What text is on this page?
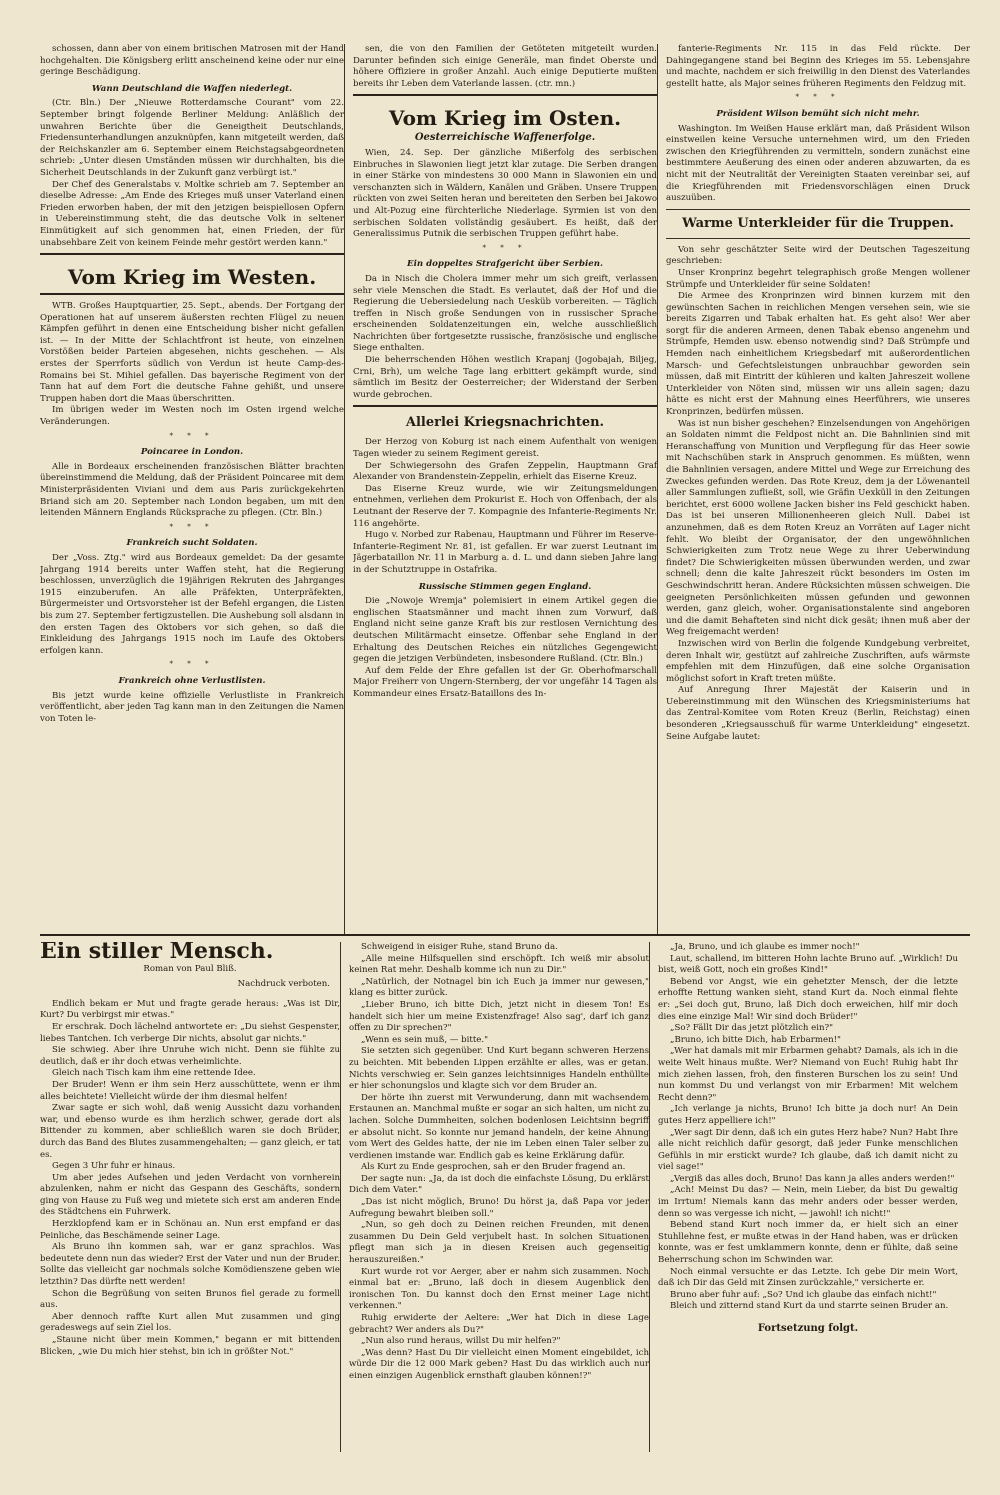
schossen, dann aber von einem britischen Matrosen mit der Hand hochgehalten. Die Königsberg erlitt anscheinend keine oder nur eine geringe Beschädigung.

Wann Deutschland die Waffen niederlegt.

(Ctr. Bln.) Der „Nieuwe Rotterdamsche Courant" vom 22. September bringt folgende Berliner Meldung: Anläßlich der unwahren Berichte über die Geneigtheit Deutschlands, Friedensunterhandlungen anzuknüpfen, kann mitgeteilt werden, daß der Reichskanzler am 6. September einem Reichstagsabgeordneten schrieb: „Unter diesen Umständen müssen wir durchhalten, bis die Sicherheit Deutschlands in der Zukunft ganz verbürgt ist."

Der Chef des Generalstabs v. Moltke schrieb am 7. September an dieselbe Adresse: „Am Ende des Krieges muß unser Vaterland einen Frieden erworben haben, der mit den jetzigen beispiellosen Opfern in Uebereinstimmung steht, die das deutsche Volk in seltener Einmütigkeit auf sich genommen hat, einen Frieden, der für unabsehbare Zeit von keinem Feinde mehr gestört werden kann."

Vom Krieg im Westen.

WTB. Großes Hauptquartier, 25. Sept., abends. Der Fortgang der Operationen hat auf unserem äußersten rechten Flügel zu neuen Kämpfen geführt in denen eine Entscheidung bisher nicht gefallen ist. — In der Mitte der Schlachtfront ist heute, von einzelnen Vorstößen beider Parteien abgesehen, nichts geschehen. — Als erstes der Sperrforts südlich von Verdun ist heute Camp-des-Romains bei St. Mihiel gefallen. Das bayerische Regiment von der Tann hat auf dem Fort die deutsche Fahne gehißt, und unsere Truppen haben dort die Maas überschritten.

Im übrigen weder im Westen noch im Osten irgend welche Veränderungen.

* * *
Poincaree in London.

Alle in Bordeaux erscheinenden französischen Blätter brachten übereinstimmend die Meldung, daß der Präsident Poincaree mit dem Ministerpräsidenten Viviani und dem aus Paris zurückgekehrten Briand sich am 20. September nach London begaben, um mit den leitenden Männern Englands Rücksprache zu pflegen. (Ctr. Bln.)

* * *
Frankreich sucht Soldaten.

Der „Voss. Ztg." wird aus Bordeaux gemeldet: Da der gesamte Jahrgang 1914 bereits unter Waffen steht, hat die Regierung beschlossen, unverzüglich die 19jährigen Rekruten des Jahrganges 1915 einzuberufen. An alle Präfekten, Unterpräfekten, Bürgermeister und Ortsvorsteher ist der Befehl ergangen, die Listen bis zum 27. September fertigzustellen. Die Aushebung soll alsdann in den ersten Tagen des Oktobers vor sich gehen, so daß die Einkleidung des Jahrgangs 1915 noch im Laufe des Oktobers erfolgen kann.

* * *
Frankreich ohne Verlustlisten.

Bis jetzt wurde keine offizielle Verlustliste in Frankreich veröffentlicht, aber jeden Tag kann man in den Zeitungen die Namen von Toten le-

sen, die von den Familien der Getöteten mitgeteilt wurden. Darunter befinden sich einige Generäle, man findet Oberste und höhere Offiziere in großer Anzahl. Auch einige Deputierte mußten bereits ihr Leben dem Vaterlande lassen. (ctr. mn.)

Vom Krieg im Osten.
Oesterreichische Waffenerfolge.

Wien, 24. Sep. Der gänzliche Mißerfolg des serbischen Einbruches in Slawonien liegt jetzt klar zutage. Die Serben drangen in einer Stärke von mindestens 30 000 Mann in Slawonien ein und verschanzten sich in Wäldern, Kanälen und Gräben. Unsere Truppen rückten von zwei Seiten heran und bereiteten den Serben bei Jakowo und Alt-Pozug eine fürchterliche Niederlage. Syrmien ist von den serbischen Soldaten vollständig gesäubert. Es heißt, daß der Generalissimus Putnik die serbischen Truppen geführt habe.

* * *
Ein doppeltes Strafgericht über Serbien.

Da in Nisch die Cholera immer mehr um sich greift, verlassen sehr viele Menschen die Stadt. Es verlautet, daß der Hof und die Regierung die Uebersiedelung nach Uesküb vorbereiten. — Täglich treffen in Nisch große Sendungen von in russischer Sprache erscheinenden Soldatenzeitungen ein, welche ausschließlich Nachrichten über fortgesetzte russische, französische und englische Siege enthalten.

Die beherrschenden Höhen westlich Krapanj (Jogobajah, Biljeg, Crni, Brh), um welche Tage lang erbittert gekämpft wurde, sind sämtlich im Besitz der Oesterreicher; der Widerstand der Serben wurde gebrochen.

Allerlei Kriegsnachrichten.

Der Herzog von Koburg ist nach einem Aufenthalt von wenigen Tagen wieder zu seinem Regiment gereist.

Der Schwiegersohn des Grafen Zeppelin, Hauptmann Graf Alexander von Brandenstein-Zeppelin, erhielt das Eiserne Kreuz.

Das Eiserne Kreuz wurde, wie wir Zeitungsmeldungen entnehmen, verliehen dem Prokurist E. Hoch von Offenbach, der als Leutnant der Reserve der 7. Kompagnie des Infanterie-Regiments Nr. 116 angehörte.

Hugo v. Norbed zur Rabenau, Hauptmann und Führer im Reserve-Infanterie-Regiment Nr. 81, ist gefallen. Er war zuerst Leutnant im Jägerbataillon Nr. 11 in Marburg a. d. L. und dann sieben Jahre lang in der Schutztruppe in Ostafrika.

Russische Stimmen gegen England.

Die „Nowoje Wremja" polemisiert in einem Artikel gegen die englischen Staatsmänner und macht ihnen zum Vorwurf, daß England nicht seine ganze Kraft bis zur restlosen Vernichtung des deutschen Militärmacht einsetze. Offenbar sehe England in der Erhaltung des Deutschen Reiches ein nützliches Gegengewicht gegen die jetzigen Verbündeten, insbesondere Rußland. (Ctr. Bln.)

Auf dem Felde der Ehre gefallen ist der Gr. Oberhofmarschall Major Freiherr von Ungern-Sternberg, der vor ungefähr 14 Tagen als Kommandeur eines Ersatz-Bataillons des In-

fanterie-Regiments Nr. 115 in das Feld rückte. Der Dahingegangene stand bei Beginn des Krieges im 55. Lebensjahre und machte, nachdem er sich freiwillig in den Dienst des Vaterlandes gestellt hatte, als Major seines früheren Regiments den Feldzug mit.

* * *
Präsident Wilson bemüht sich nicht mehr.

Washington. Im Weißen Hause erklärt man, daß Präsident Wilson einstweilen keine Versuche unternehmen wird, um den Frieden zwischen den Kriegführenden zu vermitteln, sondern zunächst eine bestimmtere Aeußerung des einen oder anderen abzuwarten, da es nicht mit der Neutralität der Vereinigten Staaten vereinbar sei, auf die Kriegführenden mit Friedensvorschlägen einen Druck auszuüben.

Warme Unterkleider für die Truppen.

Von sehr geschätzter Seite wird der Deutschen Tageszeitung geschrieben:

Unser Kronprinz begehrt telegraphisch große Mengen wollener Strümpfe und Unterkleider für seine Soldaten!

Die Armee des Kronprinzen wird binnen kurzem mit den gewünschten Sachen in reichlichen Mengen versehen sein, wie sie bereits Zigarren und Tabak erhalten hat. Es geht also! Wer aber sorgt für die anderen Armeen, denen Tabak ebenso angenehm und Strümpfe, Hemden usw. ebenso notwendig sind? Daß Strümpfe und Hemden nach einheitlichem Kriegsbedarf mit außerordentlichen Marsch- und Gefechtsleistungen unbrauchbar geworden sein müssen, daß mit Eintritt der kühleren und kalten Jahreszeit wollene Unterkleider von Nöten sind, müssen wir uns allein sagen; dazu hätte es nicht erst der Mahnung eines Heerführers, wie unseres Kronprinzen, bedürfen müssen.

Was ist nun bisher geschehen? Einzelsendungen von Angehörigen an Soldaten nimmt die Feldpost nicht an. Die Bahnlinien sind mit Heranschaffung von Munition und Verpflegung für das Heer sowie mit Nachschüben stark in Anspruch genommen. Es müßten, wenn die Bahnlinien versagen, andere Mittel und Wege zur Erreichung des Zweckes gefunden werden. Das Rote Kreuz, dem ja der Löwenanteil aller Sammlungen zufließt, soll, wie Gräfin Uexküll in den Zeitungen berichtet, erst 6000 wollene Jacken bisher ins Feld geschickt haben. Das ist bei unseren Millionenheeren gleich Null. Dabei ist anzunehmen, daß es dem Roten Kreuz an Vorräten auf Lager nicht fehlt. Wo bleibt der Organisator, der den ungewöhnlichen Schwierigkeiten zum Trotz neue Wege zu ihrer Ueberwindung findet? Die Schwierigkeiten müssen überwunden werden, und zwar schnell; denn die kalte Jahreszeit rückt besonders im Osten im Geschwindschritt heran. Andere Rücksichten müssen schweigen. Die geeigneten Persönlichkeiten müssen gefunden und gewonnen werden, ganz gleich, woher. Organisationstalente sind angeboren und die damit Behafteten sind nicht dick gesät; ihnen muß aber der Weg freigemacht werden!

Inzwischen wird von Berlin die folgende Kundgebung verbreitet, deren Inhalt wir, gestützt auf zahlreiche Zuschriften, aufs wärmste empfehlen mit dem Hinzufügen, daß eine solche Organisation möglichst sofort in Kraft treten müßte.

Auf Anregung Ihrer Majestät der Kaiserin und in Uebereinstimmung mit den Wünschen des Kriegsministeriums hat das Zentral-Komitee vom Roten Kreuz (Berlin, Reichstag) einen besonderen „Kriegsausschuß für warme Unterkleidung" eingesetzt. Seine Aufgabe lautet:

Ein stiller Mensch.

Roman von Paul Bliß.

Nachdruck verboten.

Endlich bekam er Mut und fragte gerade heraus: „Was ist Dir, Kurt? Du verbirgst mir etwas."

Er erschrak. Doch lächelnd antwortete er: „Du siehst Gespenster, liebes Tantchen. Ich verberge Dir nichts, absolut gar nichts."

Sie schwieg. Aber ihre Unruhe wich nicht. Denn sie fühlte zu deutlich, daß er ihr doch etwas verheimlichte.

Gleich nach Tisch kam ihm eine rettende Idee.

Der Bruder! Wenn er ihm sein Herz ausschüttete, wenn er ihm alles beichtete! Vielleicht würde der ihm diesmal helfen!

Zwar sagte er sich wohl, daß wenig Aussicht dazu vorhanden war, und ebenso wurde es ihm herzlich schwer, gerade dort als Bittender zu kommen, aber schließlich waren sie doch Brüder, durch das Band des Blutes zusammengehalten; — ganz gleich, er tat es.

Gegen 3 Uhr fuhr er hinaus.

Um aber jedes Aufsehen und jeden Verdacht von vornherein abzulenken, nahm er nicht das Gespann des Geschäfts, sondern ging von Hause zu Fuß weg und mietete sich erst am anderen Ende des Städtchens ein Fuhrwerk.

Herzklopfend kam er in Schönau an. Nun erst empfand er das Peinliche, das Beschämende seiner Lage.

Als Bruno ihn kommen sah, war er ganz sprachlos. Was bedeutete denn nun das wieder? Erst der Vater und nun der Bruder. Sollte das vielleicht gar nochmals solche Komödienszene geben wie letzthin? Das dürfte nett werden!

Schon die Begrüßung von seiten Brunos fiel gerade zu formell aus.

Aber dennoch raffte Kurt allen Mut zusammen und ging geradeswegs auf sein Ziel los.

„Staune nicht über mein Kommen," begann er mit bittenden Blicken, „wie Du mich hier stehst, bin ich in größter Not."

Schweigend in eisiger Ruhe, stand Bruno da.

„Alle meine Hilfsquellen sind erschöpft. Ich weiß mir absolut keinen Rat mehr. Deshalb komme ich nun zu Dir."

„Natürlich, der Notnagel bin ich Euch ja immer nur gewesen," klang es bitter zurück.

„Lieber Bruno, ich bitte Dich, jetzt nicht in diesem Ton! Es handelt sich hier um meine Existenzfrage! Also sag', darf ich ganz offen zu Dir sprechen?"

„Wenn es sein muß, — bitte."

Sie setzten sich gegenüber. Und Kurt begann schweren Herzens zu beichten. Mit bebenden Lippen erzählte er alles, was er getan. Nichts verschwieg er. Sein ganzes leichtsinniges Handeln enthüllte er hier schonungslos und klagte sich vor dem Bruder an.

Der hörte ihn zuerst mit Verwunderung, dann mit wachsendem Erstaunen an. Manchmal mußte er sogar an sich halten, um nicht zu lachen. Solche Dummheiten, solchen bodenlosen Leichtsinn begriff er absolut nicht. So konnte nur jemand handeln, der keine Ahnung vom Wert des Geldes hatte, der nie im Leben einen Taler selber zu verdienen imstande war. Endlich gab es keine Erklärung dafür.

Als Kurt zu Ende gesprochen, sah er den Bruder fragend an.

Der sagte nun: „Ja, da ist doch die einfachste Lösung, Du erklärst Dich dem Vater."

„Das ist nicht möglich, Bruno! Du hörst ja, daß Papa vor jeder Aufregung bewahrt bleiben soll."

„Nun, so geh doch zu Deinen reichen Freunden, mit denen zusammen Du Dein Geld verjubelt hast. In solchen Situationen pflegt man sich ja in diesen Kreisen auch gegenseitig herauszureißen."

Kurt wurde rot vor Aerger, aber er nahm sich zusammen. Noch einmal bat er: „Bruno, laß doch in diesem Augenblick den ironischen Ton. Du kannst doch den Ernst meiner Lage nicht verkennen."

Ruhig erwiderte der Aeltere: „Wer hat Dich in diese Lage gebracht? Wer anders als Du?"

„Nun also rund heraus, willst Du mir helfen?"

„Was denn? Hast Du Dir vielleicht einen Moment eingebildet, ich würde Dir die 12 000 Mark geben? Hast Du das wirklich auch nur einen einzigen Augenblick ernsthaft glauben können!?"

„Ja, Bruno, und ich glaube es immer noch!"

Laut, schallend, im bitteren Hohn lachte Bruno auf. „Wirklich! Du bist, weiß Gott, noch ein großes Kind!"

Bebend vor Angst, wie ein gehetzter Mensch, der die letzte erhoffte Rettung wanken sieht, stand Kurt da. Noch einmal flehte er: „Sei doch gut, Bruno, laß Dich doch erweichen, hilf mir doch dies eine einzige Mal! Wir sind doch Brüder!"

„So? Fällt Dir das jetzt plötzlich ein?"

„Bruno, ich bitte Dich, hab Erbarmen!"

„Wer hat damals mit mir Erbarmen gehabt? Damals, als ich in die weite Welt hinaus mußte. Wer? Niemand von Euch! Ruhig habt Ihr mich ziehen lassen, froh, den finsteren Burschen los zu sein! Und nun kommst Du und verlangst von mir Erbarmen! Mit welchem Recht denn?"

„Ich verlange ja nichts, Bruno! Ich bitte ja doch nur! An Dein gutes Herz appelliere ich!"

„Wer sagt Dir denn, daß ich ein gutes Herz habe? Nun? Habt Ihre alle nicht reichlich dafür gesorgt, daß jeder Funke menschlichen Gefühls in mir erstickt wurde? Ich glaube, daß ich damit nicht zu viel sage!"

„Vergiß das alles doch, Bruno! Das kann ja alles anders werden!"

„Ach! Meinst Du das? — Nein, mein Lieber, da bist Du gewaltig im Irrtum! Niemals kann das mehr anders oder besser werden, denn so was vergesse ich nicht, — jawohl! ich nicht!"

Bebend stand Kurt noch immer da, er hielt sich an einer Stuhllehne fest, er mußte etwas in der Hand haben, was er drücken konnte, was er fest umklammern konnte, denn er fühlte, daß seine Beherrschung schon im Schwinden war.

Noch einmal versuchte er das Letzte. Ich gebe Dir mein Wort, daß ich Dir das Geld mit Zinsen zurückzahle," versicherte er.

Bruno aber fuhr auf: „So? Und ich glaube das einfach nicht!"

Bleich und zitternd stand Kurt da und starrte seinen Bruder an.

Fortsetzung folgt.
